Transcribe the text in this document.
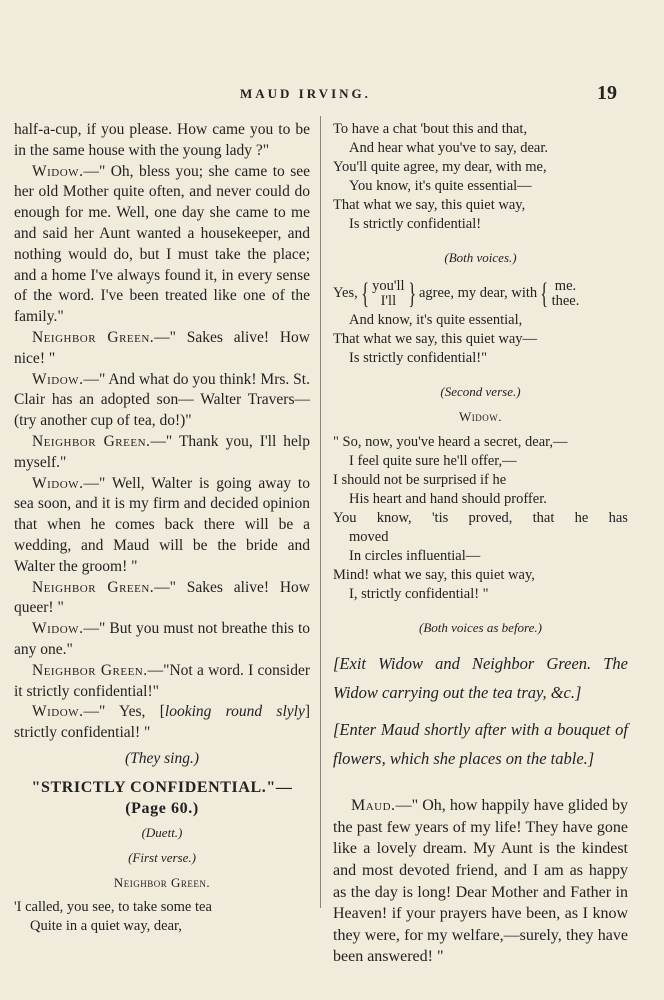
MAUD IRVING.	19

half-a-cup, if you please. How came you to be in the same house with the young lady ?"

Widow.—" Oh, bless you; she came to see her old Mother quite often, and never could do enough for me. Well, one day she came to me and said her Aunt wanted a housekeeper, and nothing would do, but I must take the place; and a home I've always found it, in every sense of the word. I've been treated like one of the family."

Neighbor Green.—" Sakes alive! How nice! "

Widow.—" And what do you think! Mrs. St. Clair has an adopted son— Walter Travers—(try another cup of tea, do!)"

Neighbor Green.—" Thank you, I'll help myself."

Widow.—" Well, Walter is going away to sea soon, and it is my firm and decided opinion that when he comes back there will be a wedding, and Maud will be the bride and Walter the groom! "

Neighbor Green.—" Sakes alive! How queer! "

Widow.—" But you must not breathe this to any one."

Neighbor Green.—"Not a word. I consider it strictly confidential!"

Widow.—" Yes, [looking round slyly] strictly confidential! "

(They sing.)

"STRICTLY CONFIDENTIAL."—(Page 60.)

(Duett.)

(First verse.)

Neighbor Green.

'I called, you see, to take some tea

Quite in a quiet way, dear,

To have a chat 'bout this and that,

And hear what you've to say, dear.

You'll quite agree, my dear, with me,

You know, it's quite essential—

That what we say, this quiet way,

Is strictly confidential!

(Both voices.)

Yes, { you'll
I'll } agree, my dear, with { me.
thee.

And know, it's quite essential,

That what we say, this quiet way—

Is strictly confidential!"

(Second verse.)

Widow.

" So, now, you've heard a secret, dear,—

I feel quite sure he'll offer,—

I should not be surprised if he

His heart and hand should proffer.

You know, 'tis proved, that he has

moved

In circles influential—

Mind! what we say, this quiet way,

I, strictly confidential! "

(Both voices as before.)

[Exit Widow and Neighbor Green. The Widow carrying out the tea tray, &c.]

[Enter Maud shortly after with a bouquet of flowers, which she places on the table.]

Maud.—" Oh, how happily have glided by the past few years of my life! They have gone like a lovely dream. My Aunt is the kindest and most devoted friend, and I am as happy as the day is long! Dear Mother and Father in Heaven! if your prayers have been, as I know they were, for my welfare,—surely, they have been answered! "
